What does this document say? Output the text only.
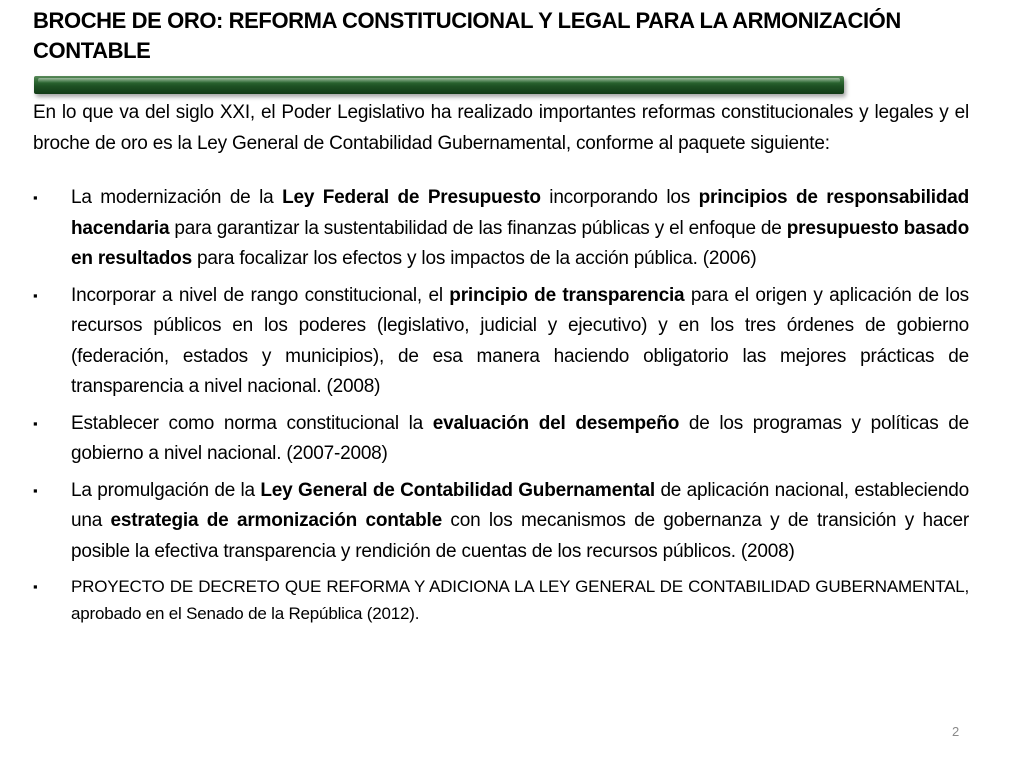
BROCHE DE ORO: REFORMA CONSTITUCIONAL Y LEGAL PARA LA ARMONIZACIÓN CONTABLE

En lo que va del siglo XXI, el Poder Legislativo ha realizado importantes reformas constitucionales y legales y el broche de oro es la Ley General de Contabilidad Gubernamental, conforme al paquete siguiente:

▪ La modernización de la Ley Federal de Presupuesto incorporando los principios de responsabilidad hacendaria para garantizar la sustentabilidad de las finanzas públicas y el enfoque de presupuesto basado en resultados para focalizar los efectos y los impactos de la acción pública. (2006)
▪ Incorporar a nivel de rango constitucional, el principio de transparencia para el origen y aplicación de los recursos públicos en los poderes (legislativo, judicial y ejecutivo) y en los tres órdenes de gobierno (federación, estados y municipios), de esa manera haciendo obligatorio las mejores prácticas de transparencia a nivel nacional. (2008)
▪ Establecer como norma constitucional la evaluación del desempeño de los programas y políticas de gobierno a nivel nacional. (2007-2008)
▪ La promulgación de la Ley General de Contabilidad Gubernamental de aplicación nacional, estableciendo una estrategia de armonización contable con los mecanismos de gobernanza y de transición y hacer posible la efectiva transparencia y rendición de cuentas de los recursos públicos. (2008)
▪ PROYECTO DE DECRETO QUE REFORMA Y ADICIONA LA LEY GENERAL DE CONTABILIDAD GUBERNAMENTAL, aprobado en el Senado de la República (2012).
2
